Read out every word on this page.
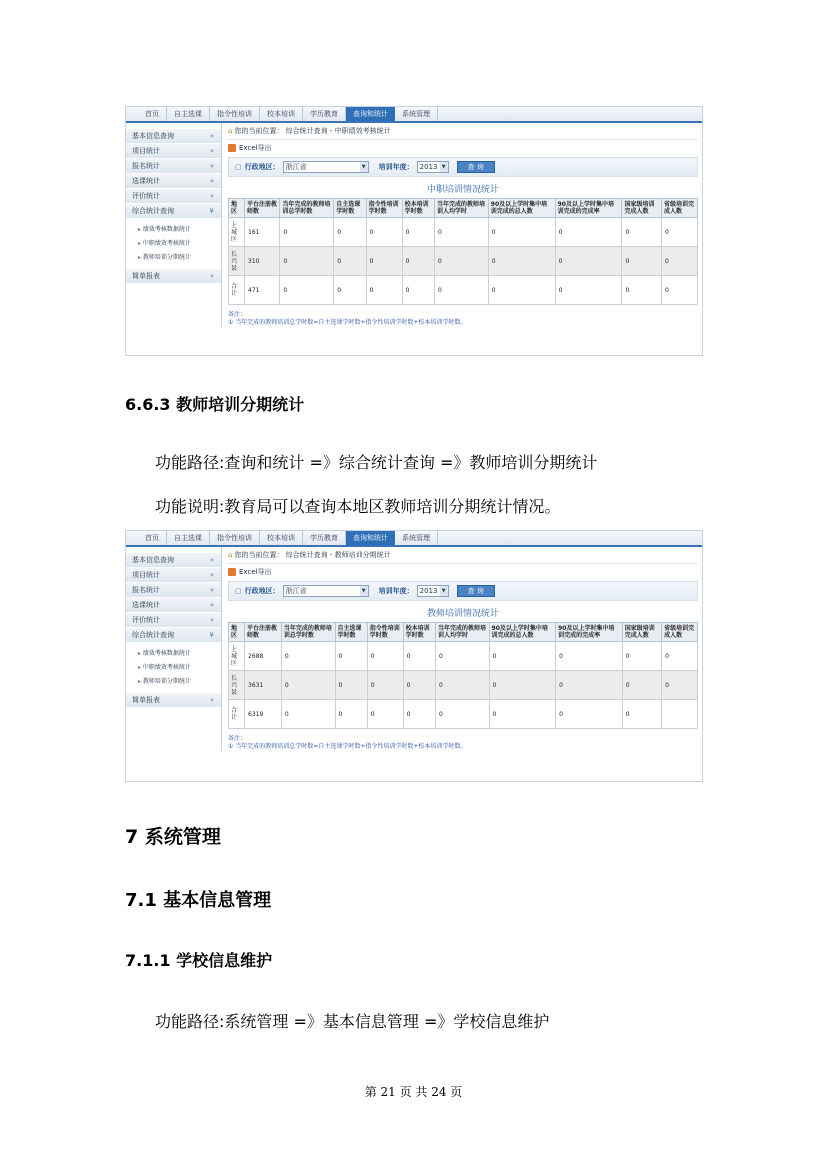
首页	自主选课	指令性培训	校本培训	学历教育	查询和统计	系统管理
基本信息查询	»
项目统计	»
报名统计	»
选课统计	»
评价统计	»
综合统计查询	¥
▸ 绩效考核数据统计
▸ 中职绩效考核统计
▸ 教师培训分期统计
简单报表	»
⌂ 您的当前位置： 综合统计查询 - 中职绩效考核统计
Excel导出
▢ 行政地区： 浙江省	▼ 培训年度： 2013 ▼	查 询
中职培训情况统计
地区	平台注册教师数	当年完成的教师培训总学时数	自主选课学时数	指令性培训学时数	校本培训学时数	当年完成的教师培训人均学时	90及以上学时集中培训完成的总人数	90及以上学时集中培训完成的完成率	国家级培训完成人数	省级培训完成人数
上城区	161	0	0	0	0	0	0	0	0	0
长兴县	310	0	0	0	0	0	0	0	0	0
合计	471	0	0	0	0	0	0	0	0	0
备注：
① 当年完成的教师培训总学时数=自主选课学时数+指令性培训学时数+校本培训学时数。
6.6.3 教师培训分期统计
功能路径:查询和统计 =》综合统计查询 =》教师培训分期统计
功能说明:教育局可以查询本地区教师培训分期统计情况。
首页	自主选课	指令性培训	校本培训	学历教育	查询和统计	系统管理
基本信息查询	»
项目统计	»
报名统计	»
选课统计	»
评价统计	»
综合统计查询	¥
▸ 绩效考核数据统计
▸ 中职绩效考核统计
▸ 教师培训分期统计
简单报表	»
⌂ 您的当前位置： 综合统计查询 - 教师培训分期统计
Excel导出
▢ 行政地区： 浙江省	▼ 培训年度： 2013 ▼	查 询
教师培训情况统计
地区	平台注册教师数	当年完成的教师培训总学时数	自主选课学时数	指令性培训学时数	校本培训学时数	当年完成的教师培训人均学时	90及以上学时集中培训完成的总人数	90及以上学时集中培训完成的完成率	国家级培训完成人数	省级培训完成人数
上城区	2688	0	0	0	0	0	0	0	0	0
长兴县	3631	0	0	0	0	0	0	0	0	0
合计	6319	0	0	0	0	0	0	0	0	
备注：
① 当年完成的教师培训总学时数=自主选课学时数+指令性培训学时数+校本培训学时数。
7 系统管理
7.1 基本信息管理
7.1.1 学校信息维护
功能路径:系统管理 =》基本信息管理 =》学校信息维护
第 21 页 共 24 页
